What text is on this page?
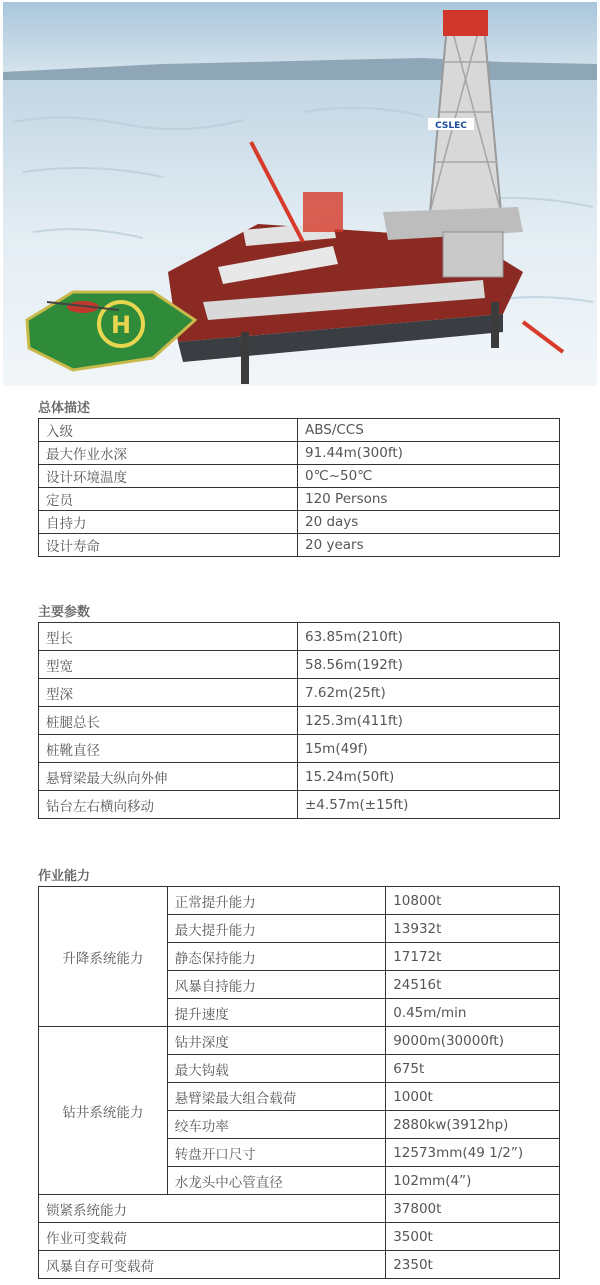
H
CSLEC
总体描述
入级	ABS/CCS
最大作业水深	91.44m(300ft)
设计环境温度	0℃~50℃
定员	120 Persons
自持力	20 days
设计寿命	20 years
主要参数
型长	63.85m(210ft)
型宽	58.56m(192ft)
型深	7.62m(25ft)
桩腿总长	125.3m(411ft)
桩靴直径	15m(49f)
悬臂梁最大纵向外伸	15.24m(50ft)
钻台左右横向移动	±4.57m(±15ft)
作业能力
升降系统能力	正常提升能力	10800t
	最大提升能力	13932t
	静态保持能力	17172t
	风暴自持能力	24516t
	提升速度	0.45m/min
钻井系统能力	钻井深度	9000m(30000ft)
	最大钩载	675t
	悬臂梁最大组合载荷	1000t
	绞车功率	2880kw(3912hp)
	转盘开口尺寸	12573mm(49 1/2”)
	水龙头中心管直径	102mm(4”)
锁紧系统能力		37800t
作业可变载荷		3500t
风暴自存可变载荷		2350t
